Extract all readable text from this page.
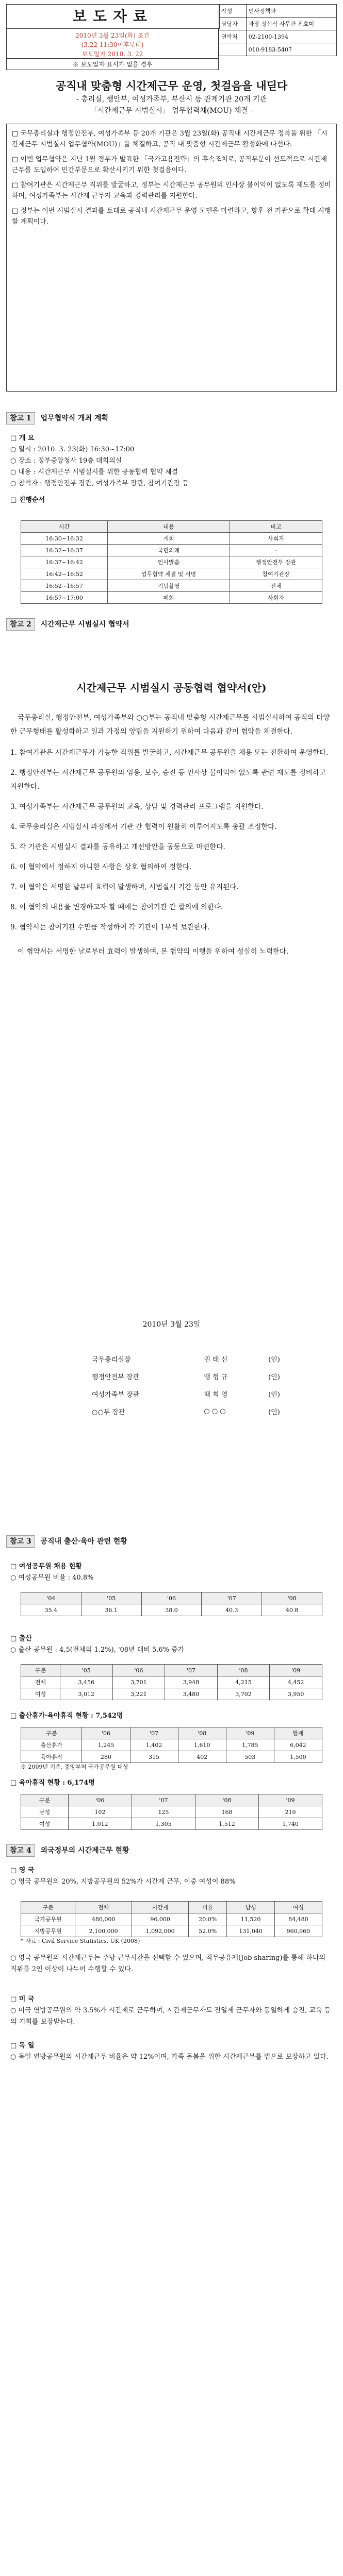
보도자료	작성	인사정책과
담당자	과장 정선식 사무관 진효미
연락처	02-2100-1394
	010-9183-5407
2010년 3월 23일(화) 조간
(3.22 11:30이후부터)
보도일자 2010. 3. 22
※ 보도일자 표시가 없을 경우
공직내 맞춤형 시간제근무 운영, 첫걸음을 내딛다
- 총리실, 행안부, 여성가족부, 부산시 등 관계기관 20개 기관
「시간제근무 시범실시」 업무협력체(MOU) 체결 -

□ 국무총리실과 행정안전부, 여성가족부 등 20개 기관은 3월 23일(화) 공직내 시간제근무 정착을 위한 「시간제근무 시범실시 업무협약(MOU)」을 체결하고, 공직 내 맞춤형 시간제근무 활성화에 나선다.

□ 이번 업무협약은 지난 1월 정부가 발표한 「국가고용전략」의 후속조치로, 공직부문이 선도적으로 시간제근무를 도입하여 민간부문으로 확산시키기 위한 첫걸음이다.

□ 참여기관은 시간제근무 직위를 발굴하고, 정부는 시간제근무 공무원의 인사상 불이익이 없도록 제도를 정비하며, 여성가족부는 시간제 근무자 교육과 경력관리를 지원한다.

□ 정부는 이번 시범실시 결과를 토대로 공직내 시간제근무 운영 모델을 마련하고, 향후 전 기관으로 확대 시행할 계획이다.

참고 1 업무협약식 개최 계획
□ 개 요
○ 일시 : 2010. 3. 23(화) 16:30~17:00
○ 장소 : 정부중앙청사 19층 대회의실
○ 내용 : 시간제근무 시범실시를 위한 공동협력 협약 체결
○ 참석자 : 행정안전부 장관, 여성가족부 장관, 참여기관장 등
□ 진행순서
시간	내용	비고
16:30~16:32	개회	사회자
16:32~16:37	국민의례	-
16:37~16:42	인사말씀	행정안전부 장관
16:42~16:52	업무협약 체결 및 서명	참여기관장
16:52~16:57	기념촬영	전체
16:57~17:00	폐회	사회자
참고 2 시간제근무 시범실시 협약서
시간제근무 시범실시 공동협력 협약서(안)

국무총리실, 행정안전부, 여성가족부와 ○○부는 공직내 맞춤형 시간제근무를 시범실시하여 공직의 다양한 근무형태를 활성화하고 일과 가정의 양립을 지원하기 위하여 다음과 같이 협약을 체결한다.

1. 참여기관은 시간제근무가 가능한 직위를 발굴하고, 시간제근무 공무원을 채용 또는 전환하여 운영한다.

2. 행정안전부는 시간제근무 공무원의 임용, 보수, 승진 등 인사상 불이익이 없도록 관련 제도를 정비하고 지원한다.

3. 여성가족부는 시간제근무 공무원의 교육, 상담 및 경력관리 프로그램을 지원한다.

4. 국무총리실은 시범실시 과정에서 기관 간 협력이 원활히 이루어지도록 총괄 조정한다.

5. 각 기관은 시범실시 결과를 공유하고 개선방안을 공동으로 마련한다.

6. 이 협약에서 정하지 아니한 사항은 상호 협의하여 정한다.

7. 이 협약은 서명한 날부터 효력이 발생하며, 시범실시 기간 동안 유지된다.

8. 이 협약의 내용을 변경하고자 할 때에는 참여기관 간 합의에 의한다.

9. 협약서는 참여기관 수만큼 작성하여 각 기관이 1부씩 보관한다.

이 협약서는 서명한 날로부터 효력이 발생하며, 본 협약의 이행을 위하여 성실히 노력한다.

2010년 3월 23일
국무총리실장	권 태 신	(인)
행정안전부 장관	맹 형 규	(인)
여성가족부 장관	백 희 영	(인)
○○부 장관	○ ○ ○	(인)
참고 3 공직내 출산·육아 관련 현황
□ 여성공무원 채용 현황
○ 여성공무원 비율 : 40.8%
'04	'05	'06	'07	'08
35.4	36.1	38.0	40.3	40.8
□ 출산
○ 출산 공무원 : 4,5(전체의 1.2%), '08년 대비 5.6% 증가
구분	'05	'06	'07	'08	'09
전체	3,456	3,701	3,948	4,215	4,452
여성	3,012	3,221	3,480	3,702	3,950
□ 출산휴가·육아휴직 현황 : 7,542명
구분	'06	'07	'08	'09	합계
출산휴가	1,245	1,402	1,610	1,785	6,042
육아휴직	280	315	402	503	1,500
※ 2009년 기준, 중앙부처 국가공무원 대상
□ 육아휴직 현황 : 6,174명
구분	'06	'07	'08	'09
남성	102	125	168	210
여성	1,012	1,305	1,512	1,740
참고 4 외국정부의 시간제근무 현황
□ 영 국
○ 영국 공무원의 20%, 지방공무원의 52%가 시간제 근무, 이중 여성이 88%
구분	전체	시간제	비율	남성	여성
국가공무원	480,000	96,000	20.0%	11,520	84,480
지방공무원	2,100,000	1,092,000	52.0%	131,040	960,960
* 자료 : Civil Service Statistics, UK (2008)
○ 영국 공무원의 시간제근무는 주당 근무시간을 선택할 수 있으며, 직무공유제(Job sharing)를 통해 하나의 직위를 2인 이상이 나누어 수행할 수 있다.
□ 미 국
○ 미국 연방공무원의 약 3.5%가 시간제로 근무하며, 시간제근무자도 전일제 근무자와 동일하게 승진, 교육 등의 기회를 보장받는다.
□ 독 일
○ 독일 연방공무원의 시간제근무 비율은 약 12%이며, 가족 돌봄을 위한 시간제근무를 법으로 보장하고 있다.
